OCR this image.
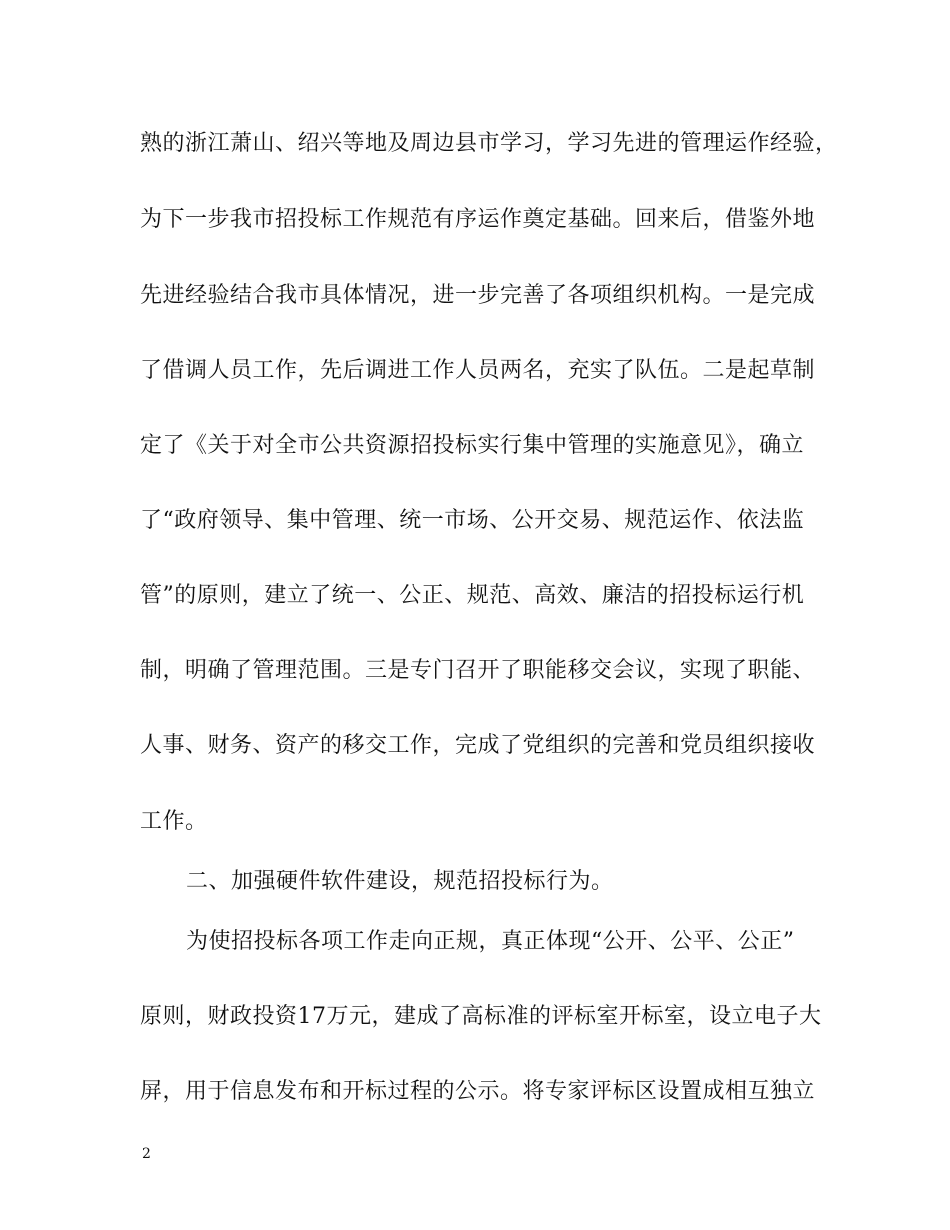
熟的浙江萧山、绍兴等地及周边县市学习，学习先进的管理运作经验，
为下一步我市招投标工作规范有序运作奠定基础。回来后，借鉴外地
先进经验结合我市具体情况，进一步完善了各项组织机构。一是完成
了借调人员工作，先后调进工作人员两名，充实了队伍。二是起草制
定了《关于对全市公共资源招投标实行集中管理的实施意见》，确立
了“政府领导、集中管理、统一市场、公开交易、规范运作、依法监
管”的原则，建立了统一、公正、规范、高效、廉洁的招投标运行机
制，明确了管理范围。三是专门召开了职能移交会议，实现了职能、
人事、财务、资产的移交工作，完成了党组织的完善和党员组织接收
工作。
二、加强硬件软件建设，规范招投标行为。
为使招投标各项工作走向正规，真正体现“公开、公平、公正”
原则，财政投资17万元，建成了高标准的评标室开标室，设立电子大
屏，用于信息发布和开标过程的公示。将专家评标区设置成相互独立
2
